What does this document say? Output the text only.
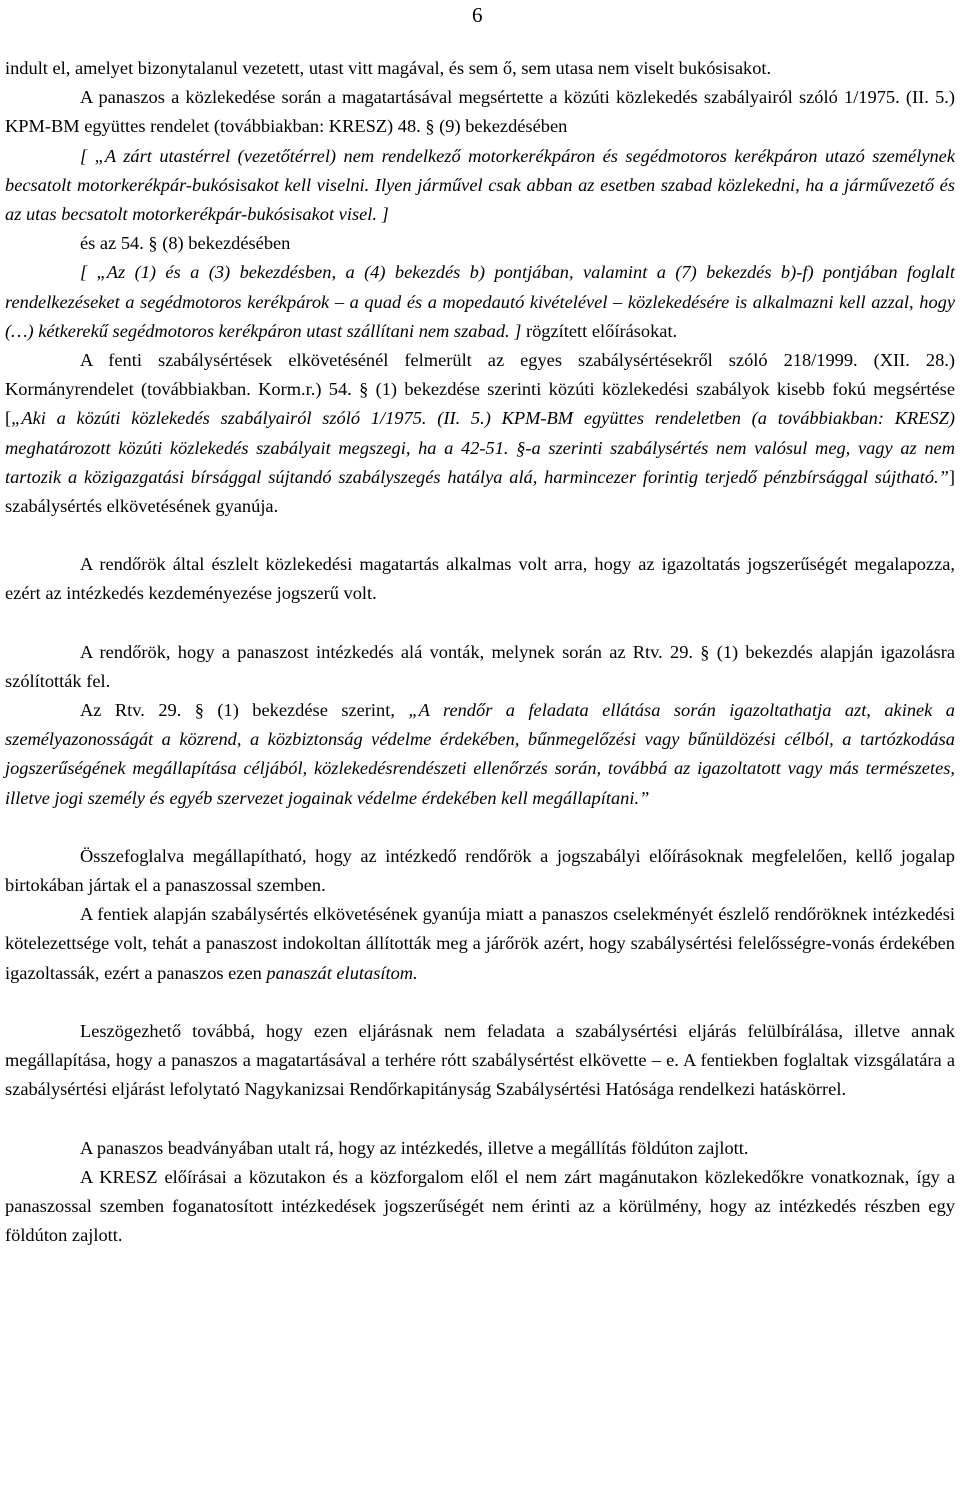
6

indult el, amelyet bizonytalanul vezetett, utast vitt magával, és sem ő, sem utasa nem viselt bukósisakot.

A panaszos a közlekedése során a magatartásával megsértette a közúti közlekedés szabályairól szóló 1/1975. (II. 5.) KPM-BM együttes rendelet (továbbiakban: KRESZ) 48. § (9) bekezdésében

[ „A zárt utastérrel (vezetőtérrel) nem rendelkező motorkerékpáron és segédmotoros kerékpáron utazó személynek becsatolt motorkerékpár-bukósisakot kell viselni. Ilyen járművel csak abban az esetben szabad közlekedni, ha a járművezető és az utas becsatolt motorkerékpár-bukósisakot visel. ]

és az 54. § (8) bekezdésében

[ „Az (1) és a (3) bekezdésben, a (4) bekezdés b) pontjában, valamint a (7) bekezdés b)-f) pontjában foglalt rendelkezéseket a segédmotoros kerékpárok – a quad és a mopedautó kivételével – közlekedésére is alkalmazni kell azzal, hogy (…) kétkerekű segédmotoros kerékpáron utast szállítani nem szabad. ] rögzített előírásokat.

A fenti szabálysértések elkövetésénél felmerült az egyes szabálysértésekről szóló 218/1999. (XII. 28.) Kormányrendelet (továbbiakban. Korm.r.) 54. § (1) bekezdése szerinti közúti közlekedési szabályok kisebb fokú megsértése [„Aki a közúti közlekedés szabályairól szóló 1/1975. (II. 5.) KPM-BM együttes rendeletben (a továbbiakban: KRESZ) meghatározott közúti közlekedés szabályait megszegi, ha a 42-51. §-a szerinti szabálysértés nem valósul meg, vagy az nem tartozik a közigazgatási bírsággal sújtandó szabályszegés hatálya alá, harmincezer forintig terjedő pénzbírsággal sújtható.”] szabálysértés elkövetésének gyanúja.

A rendőrök által észlelt közlekedési magatartás alkalmas volt arra, hogy az igazoltatás jogszerűségét megalapozza, ezért az intézkedés kezdeményezése jogszerű volt.

A rendőrök, hogy a panaszost intézkedés alá vonták, melynek során az Rtv. 29. § (1) bekezdés alapján igazolásra szólították fel.

Az Rtv. 29. § (1) bekezdése szerint, „A rendőr a feladata ellátása során igazoltathatja azt, akinek a személyazonosságát a közrend, a közbiztonság védelme érdekében, bűnmegelőzési vagy bűnüldözési célból, a tartózkodása jogszerűségének megállapítása céljából, közlekedésrendészeti ellenőrzés során, továbbá az igazoltatott vagy más természetes, illetve jogi személy és egyéb szervezet jogainak védelme érdekében kell megállapítani.”

Összefoglalva megállapítható, hogy az intézkedő rendőrök a jogszabályi előírásoknak megfelelően, kellő jogalap birtokában jártak el a panaszossal szemben.

A fentiek alapján szabálysértés elkövetésének gyanúja miatt a panaszos cselekményét észlelő rendőröknek intézkedési kötelezettsége volt, tehát a panaszost indokoltan állították meg a járőrök azért, hogy szabálysértési felelősségre-vonás érdekében igazoltassák, ezért a panaszos ezen panaszát elutasítom.

Leszögezhető továbbá, hogy ezen eljárásnak nem feladata a szabálysértési eljárás felülbírálása, illetve annak megállapítása, hogy a panaszos a magatartásával a terhére rótt szabálysértést elkövette – e. A fentiekben foglaltak vizsgálatára a szabálysértési eljárást lefolytató Nagykanizsai Rendőrkapitányság Szabálysértési Hatósága rendelkezi hatáskörrel.

A panaszos beadványában utalt rá, hogy az intézkedés, illetve a megállítás földúton zajlott.

A KRESZ előírásai a közutakon és a közforgalom elől el nem zárt magánutakon közlekedőkre vonatkoznak, így a panaszossal szemben foganatosított intézkedések jogszerűségét nem érinti az a körülmény, hogy az intézkedés részben egy földúton zajlott.
